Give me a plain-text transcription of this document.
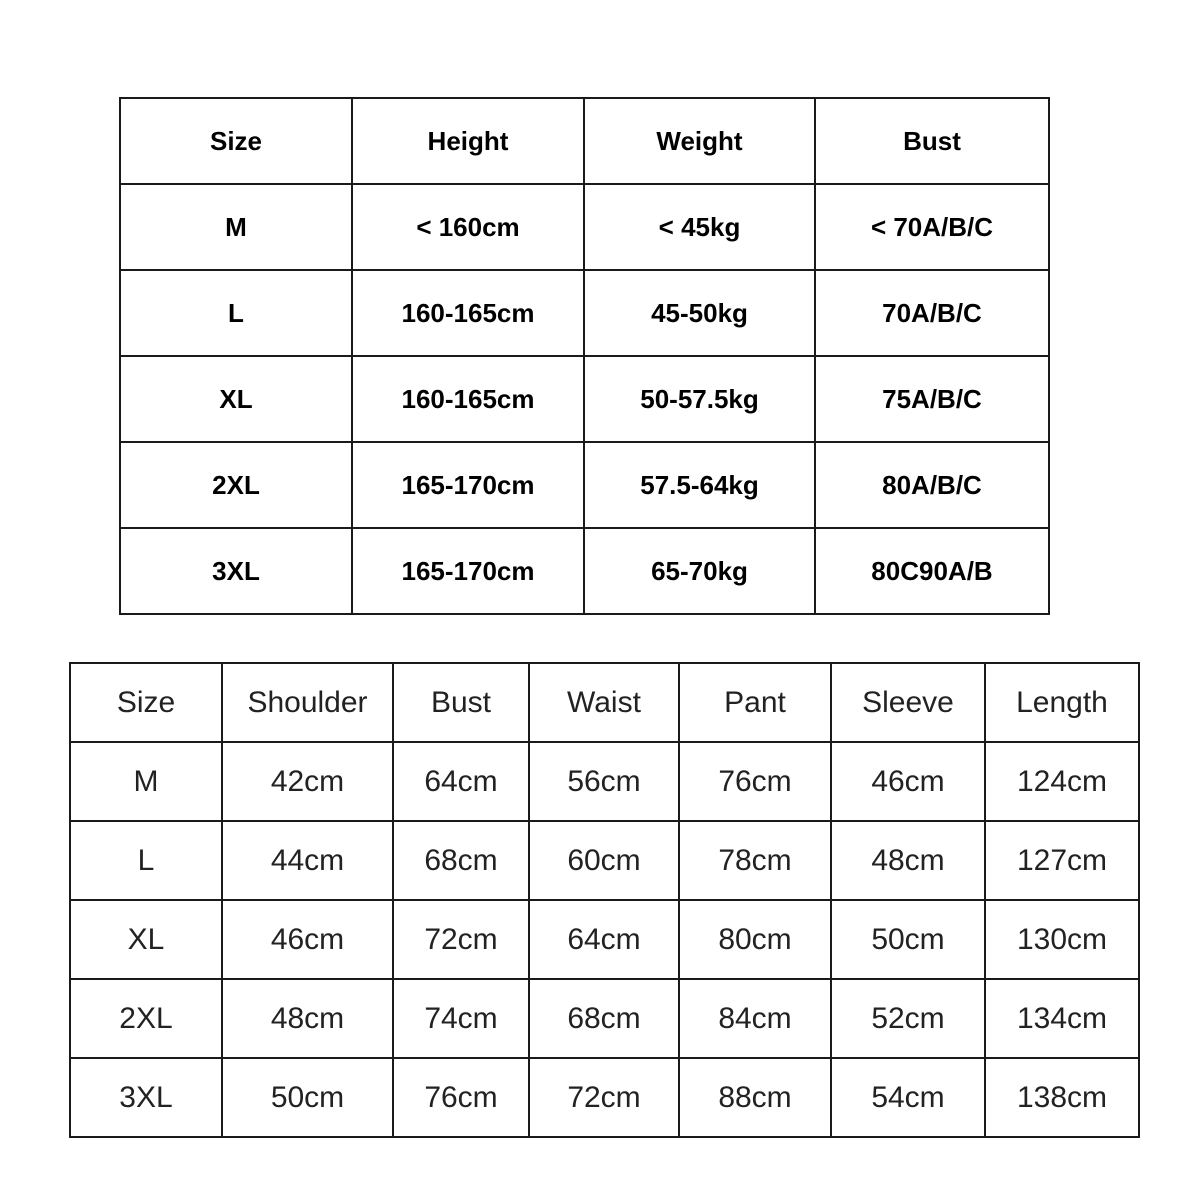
Size	Height	Weight	Bust
M	< 160cm	< 45kg	< 70A/B/C
L	160-165cm	45-50kg	70A/B/C
XL	160-165cm	50-57.5kg	75A/B/C
2XL	165-170cm	57.5-64kg	80A/B/C
3XL	165-170cm	65-70kg	80C90A/B
Size	Shoulder	Bust	Waist	Pant	Sleeve	Length
M	42cm	64cm	56cm	76cm	46cm	124cm
L	44cm	68cm	60cm	78cm	48cm	127cm
XL	46cm	72cm	64cm	80cm	50cm	130cm
2XL	48cm	74cm	68cm	84cm	52cm	134cm
3XL	50cm	76cm	72cm	88cm	54cm	138cm
